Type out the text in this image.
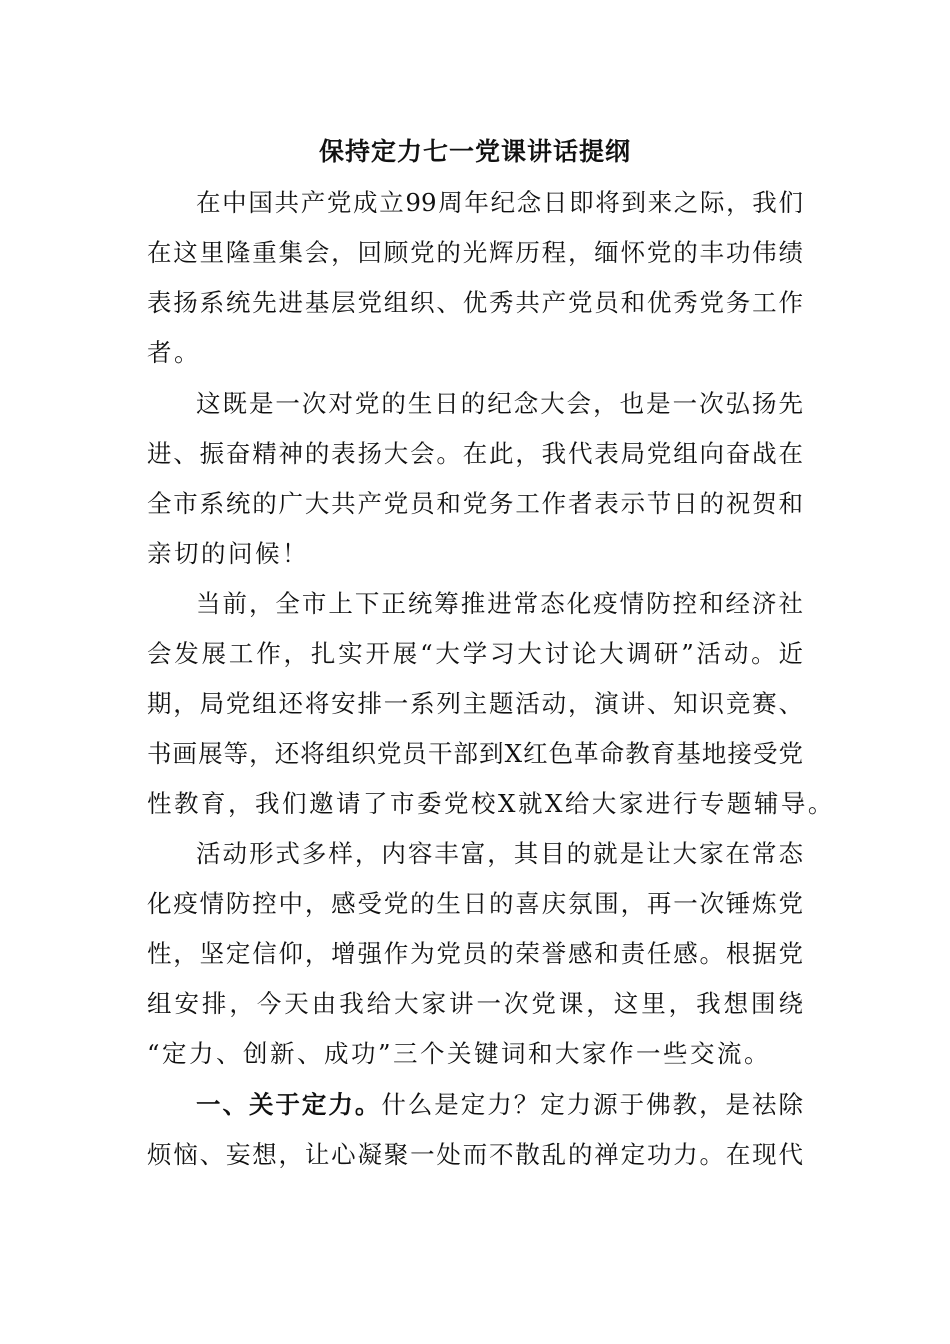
保持定力七一党课讲话提纲
在中国共产党成立99周年纪念日即将到来之际，我们
在这里隆重集会，回顾党的光辉历程，缅怀党的丰功伟绩
表扬系统先进基层党组织、优秀共产党员和优秀党务工作
者。
这既是一次对党的生日的纪念大会，也是一次弘扬先
进、振奋精神的表扬大会。在此，我代表局党组向奋战在
全市系统的广大共产党员和党务工作者表示节日的祝贺和
亲切的问候！
当前，全市上下正统筹推进常态化疫情防控和经济社
会发展工作，扎实开展“大学习大讨论大调研”活动。近
期，局党组还将安排一系列主题活动，演讲、知识竞赛、
书画展等，还将组织党员干部到X红色革命教育基地接受党
性教育，我们邀请了市委党校X就X给大家进行专题辅导。
活动形式多样，内容丰富，其目的就是让大家在常态
化疫情防控中，感受党的生日的喜庆氛围，再一次锤炼党
性，坚定信仰，增强作为党员的荣誉感和责任感。根据党
组安排，今天由我给大家讲一次党课，这里，我想围绕
“定力、创新、成功”三个关键词和大家作一些交流。
一、关于定力。什么是定力？定力源于佛教，是祛除
烦恼、妄想，让心凝聚一处而不散乱的禅定功力。在现代
